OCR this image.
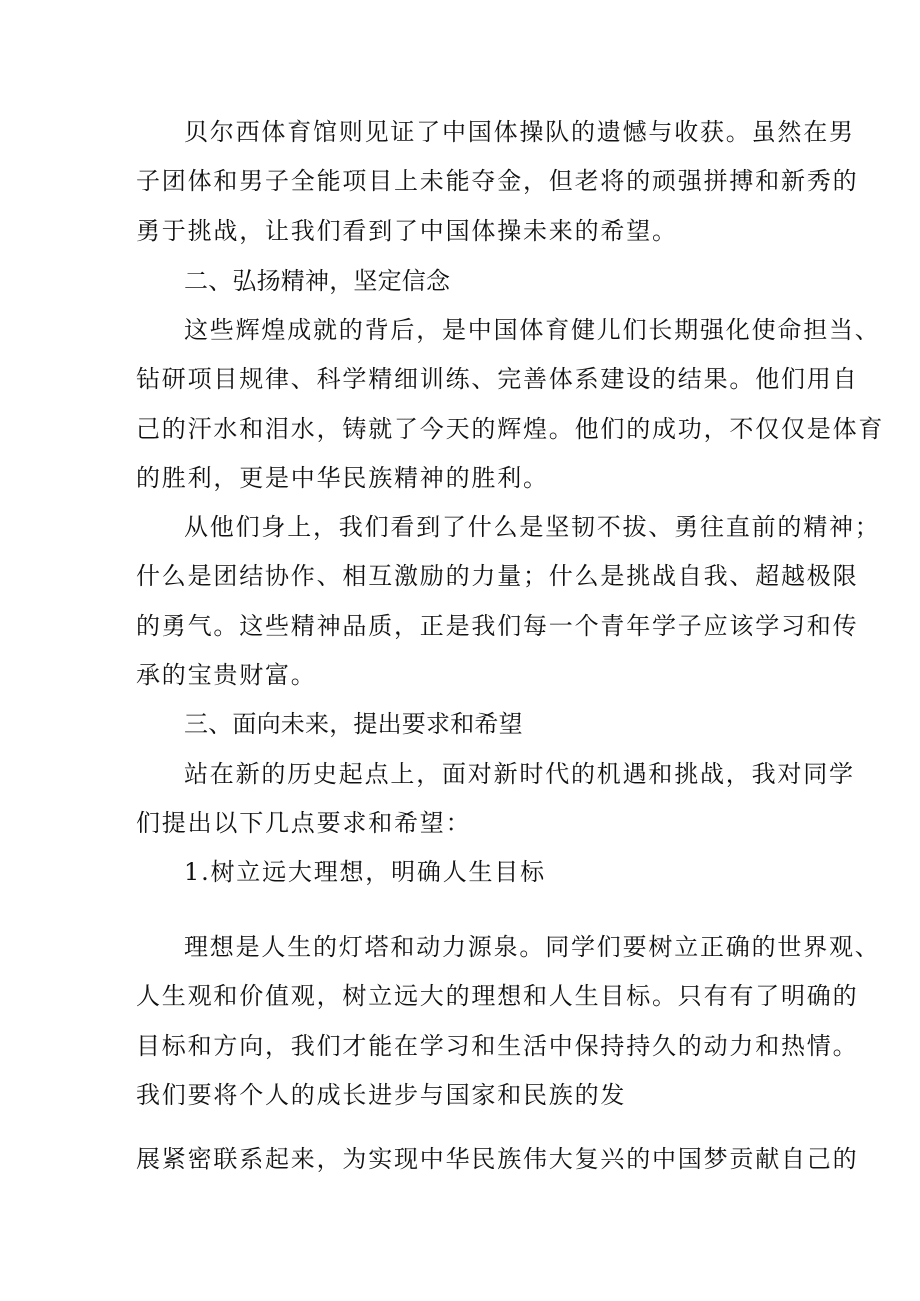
贝尔西体育馆则见证了中国体操队的遗憾与收获。虽然在男
子团体和男子全能项目上未能夺金，但老将的顽强拼搏和新秀的
勇于挑战，让我们看到了中国体操未来的希望。
二、弘扬精神，坚定信念
这些辉煌成就的背后，是中国体育健儿们长期强化使命担当、
钻研项目规律、科学精细训练、完善体系建设的结果。他们用自
己的汗水和泪水，铸就了今天的辉煌。他们的成功，不仅仅是体育
的胜利，更是中华民族精神的胜利。
从他们身上，我们看到了什么是坚韧不拔、勇往直前的精神；
什么是团结协作、相互激励的力量；什么是挑战自我、超越极限
的勇气。这些精神品质，正是我们每一个青年学子应该学习和传
承的宝贵财富。
三、面向未来，提出要求和希望
站在新的历史起点上，面对新时代的机遇和挑战，我对同学
们提出以下几点要求和希望：
1.树立远大理想，明确人生目标
理想是人生的灯塔和动力源泉。同学们要树立正确的世界观、
人生观和价值观，树立远大的理想和人生目标。只有有了明确的
目标和方向，我们才能在学习和生活中保持持久的动力和热情。
我们要将个人的成长进步与国家和民族的发
展紧密联系起来，为实现中华民族伟大复兴的中国梦贡献自己的
